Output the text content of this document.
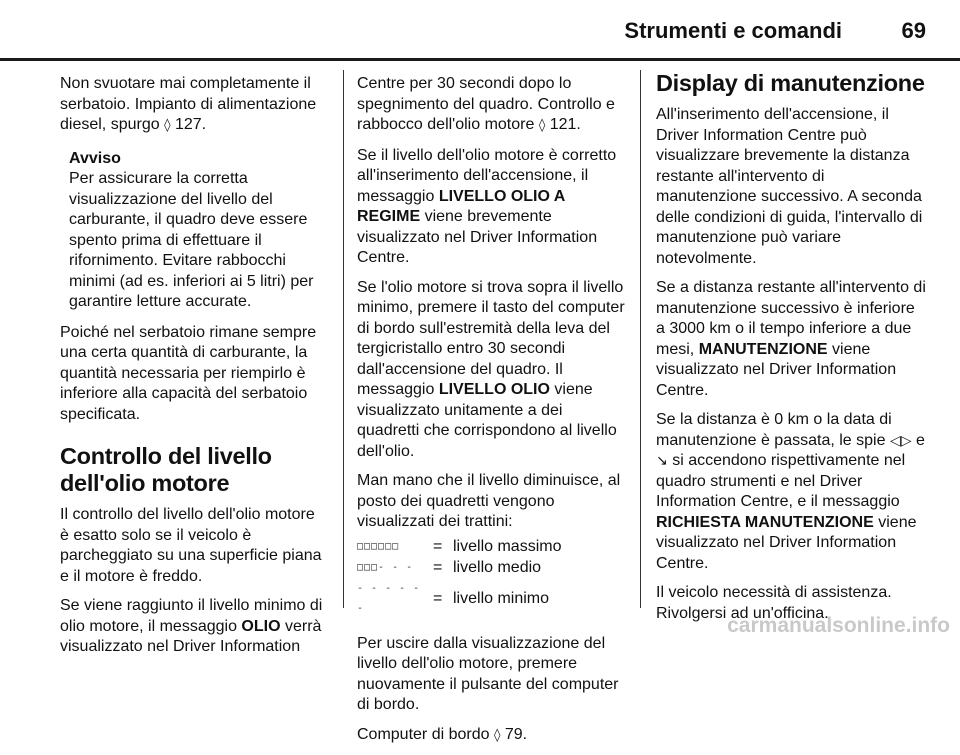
Strumenti e comandi	69

Non svuotare mai completamente il serbatoio. Impianto di alimentazione diesel, spurgo ◊ 127.

Avviso
Per assicurare la corretta visualizzazione del livello del carburante, il quadro deve essere spento prima di effettuare il rifornimento. Evitare rabbocchi minimi (ad es. inferiori ai 5 litri) per garantire letture accurate.

Poiché nel serbatoio rimane sempre una certa quantità di carburante, la quantità necessaria per riempirlo è inferiore alla capacità del serbatoio specificata.

Controllo del livello dell'olio motore

Il controllo del livello dell'olio motore è esatto solo se il veicolo è parcheggiato su una superficie piana e il motore è freddo.

Se viene raggiunto il livello minimo di olio motore, il messaggio OLIO verrà visualizzato nel Driver Information

Centre per 30 secondi dopo lo spegnimento del quadro. Controllo e rabbocco dell'olio motore ◊ 121.

Se il livello dell'olio motore è corretto all'inserimento dell'accensione, il messaggio LIVELLO OLIO A REGIME viene brevemente visualizzato nel Driver Information Centre.

Se l'olio motore si trova sopra il livello minimo, premere il tasto del computer di bordo sull'estremità della leva del tergicristallo entro 30 secondi dall'accensione del quadro. Il messaggio LIVELLO OLIO viene visualizzato unitamente a dei quadretti che corrispondono al livello dell'olio.

Man mano che il livello diminuisce, al posto dei quadretti vengono visualizzati dei trattini:

□□□□□□	=	livello massimo
□□□- - -	=	livello medio
- - - - - -	=	livello minimo

Per uscire dalla visualizzazione del livello dell'olio motore, premere nuovamente il pulsante del computer di bordo.

Computer di bordo ◊ 79.

Display di manutenzione

All'inserimento dell'accensione, il Driver Information Centre può visualizzare brevemente la distanza restante all'intervento di manutenzione successivo. A seconda delle condizioni di guida, l'intervallo di manutenzione può variare notevolmente.

Se a distanza restante all'intervento di manutenzione successivo è inferiore a 3000 km o il tempo inferiore a due mesi, MANUTENZIONE viene visualizzato nel Driver Information Centre.

Se la distanza è 0 km o la data di manutenzione è passata, le spie ◁▷ e ↘ si accendono rispettivamente nel quadro strumenti e nel Driver Information Centre, e il messaggio RICHIESTA MANUTENZIONE viene visualizzato nel Driver Information Centre.

Il veicolo necessità di assistenza. Rivolgersi ad un'officina.

carmanualsonline.info
